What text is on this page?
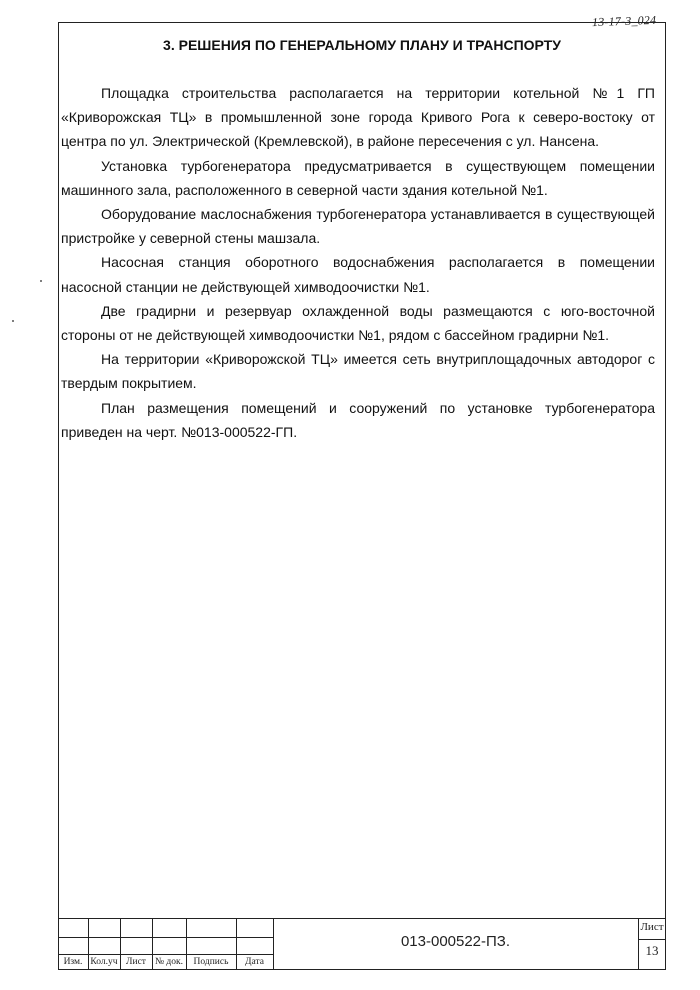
13-17-3_024
3. РЕШЕНИЯ ПО ГЕНЕРАЛЬНОМУ ПЛАНУ И ТРАНСПОРТУ

Площадка строительства располагается на территории котельной №1 ГП «Криворожская ТЦ» в промышленной зоне города Кривого Рога к северо-востоку от центра по ул. Электрической (Кремлевской), в районе пересечения с ул. Нансена.

Установка турбогенератора предусматривается в существующем помещении машинного зала, расположенного в северной части здания котельной №1.

Оборудование маслоснабжения турбогенератора устанавливается в существующей пристройке у северной стены машзала.

Насосная станция оборотного водоснабжения располагается в помещении насосной станции не действующей химводоочистки №1.

Две градирни и резервуар охлажденной воды размещаются с юго-восточной стороны от не действующей химводоочистки №1, рядом с бассейном градирни №1.

На территории «Криворожской ТЦ» имеется сеть внутриплощадочных автодорог с твердым покрытием.

План размещения помещений и сооружений по установке турбогенератора приведен на черт. №013-000522-ГП.

Изм. Кол.уч Лист № док.	Подпись	Дата
013-000522-ПЗ.
Лист
13
